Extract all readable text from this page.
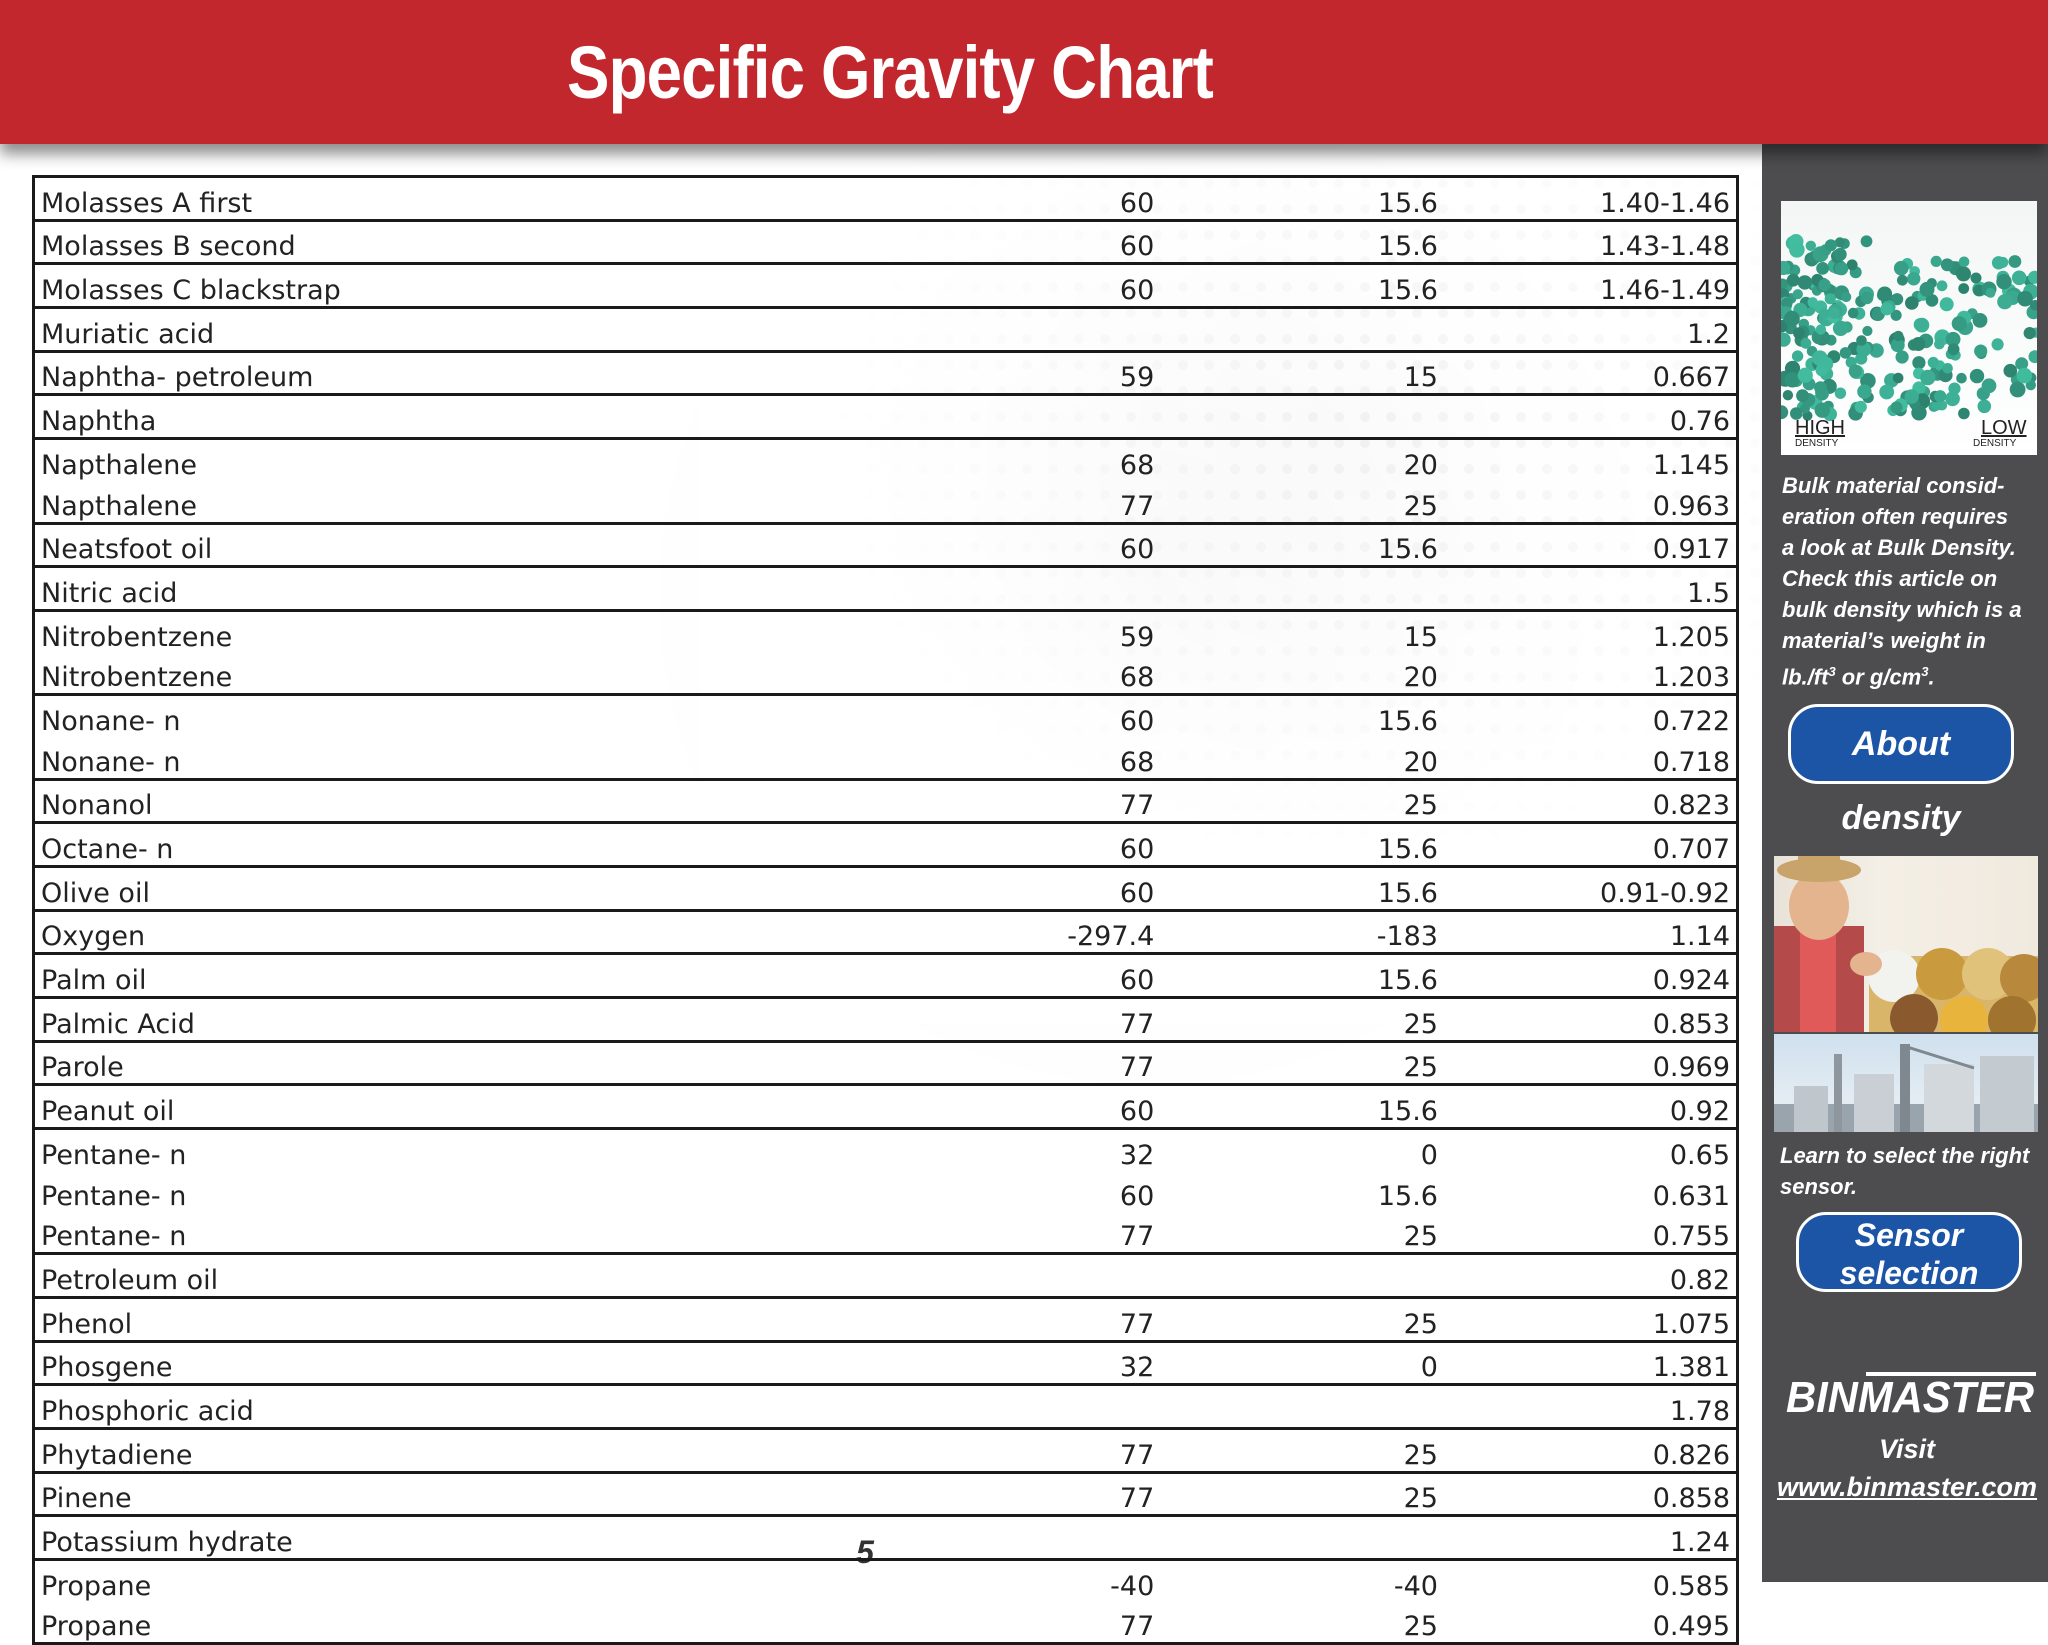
Specific Gravity Chart
Molasses A first	60	15.6	1.40-1.46
Molasses B second	60	15.6	1.43-1.48
Molasses C blackstrap	60	15.6	1.46-1.49
Muriatic acid			1.2
Naphtha- petroleum	59	15	0.667
Naphtha			0.76
Napthalene	68	20	1.145
Napthalene	77	25	0.963
Neatsfoot oil	60	15.6	0.917
Nitric acid			1.5
Nitrobentzene	59	15	1.205
Nitrobentzene	68	20	1.203
Nonane- n	60	15.6	0.722
Nonane- n	68	20	0.718
Nonanol	77	25	0.823
Octane- n	60	15.6	0.707
Olive oil	60	15.6	0.91-0.92
Oxygen	-297.4	-183	1.14
Palm oil	60	15.6	0.924
Palmic Acid	77	25	0.853
Parole	77	25	0.969
Peanut oil	60	15.6	0.92
Pentane- n	32	0	0.65
Pentane- n	60	15.6	0.631
Pentane- n	77	25	0.755
Petroleum oil			0.82
Phenol	77	25	1.075
Phosgene	32	0	1.381
Phosphoric acid			1.78
Phytadiene	77	25	0.826
Pinene	77	25	0.858
Potassium hydrate			1.24
Propane	-40	-40	0.585
Propane	77	25	0.495
5
HIGH
DENSITY
LOW
DENSITY
Bulk material consid-
eration often requires
a look at Bulk Density.
Check this article on
bulk density which is a
material’s weight in
$lb./ft^3$ or $g/cm^3$.
About density
Learn to select the right
sensor.
Sensor
selection
BINMASTER
Visit
www.binmaster.com
